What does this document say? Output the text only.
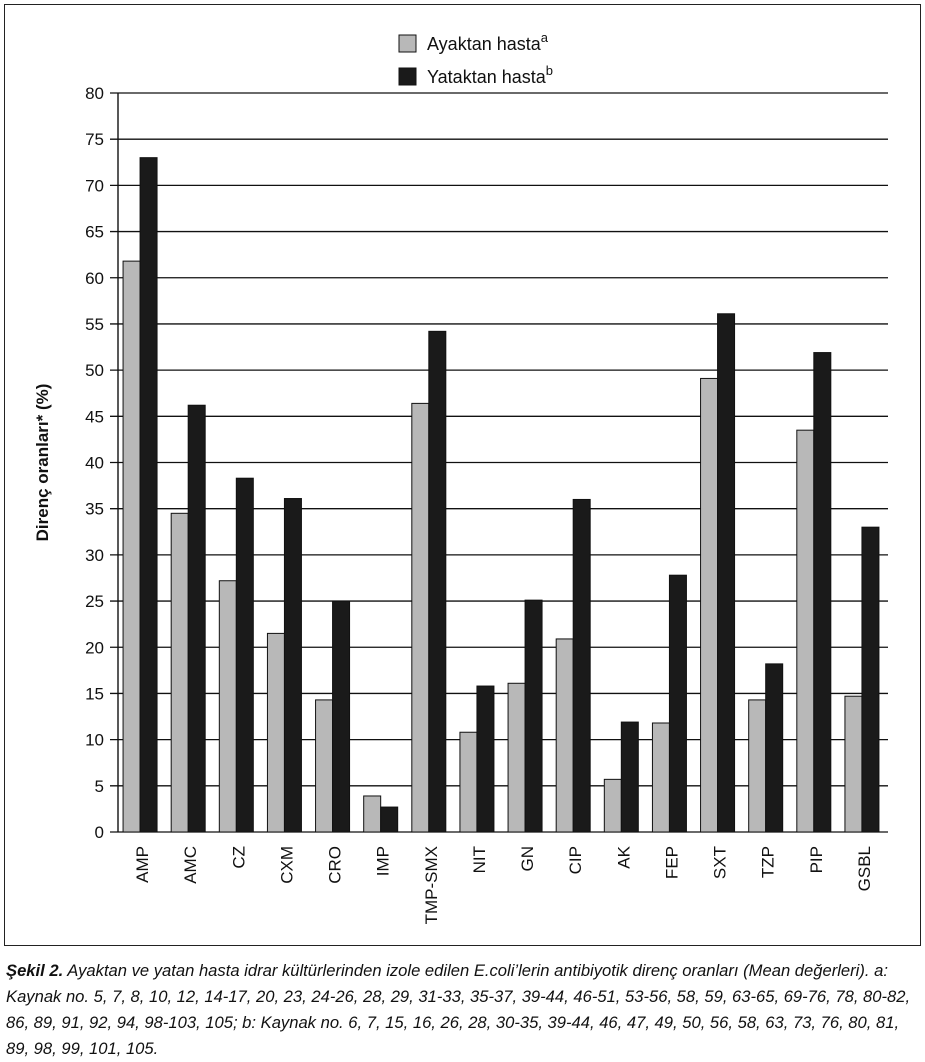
0
5
10
15
20
25
30
35
40
45
50
55
60
65
70
75
80
Direnç oranları* (%)
AMP AMC CZ CXM CRO IMP TMP-SMX NIT GN CIP AK FEP SXT TZP PIP GSBL
Ayaktan hasta$^a$
Yataktan hasta$^b$
Şekil 2. Ayaktan ve yatan hasta idrar kültürlerinden izole edilen E.coli’lerin antibiyotik direnç oranları (Mean değerleri). a: Kaynak no. 5, 7, 8, 10, 12, 14-17, 20, 23, 24-26, 28, 29, 31-33, 35-37, 39-44, 46-51, 53-56, 58, 59, 63-65, 69-76, 78, 80-82, 86, 89, 91, 92, 94, 98-103, 105; b: Kaynak no. 6, 7, 15, 16, 26, 28, 30-35, 39-44, 46, 47, 49, 50, 56, 58, 63, 73, 76, 80, 81, 89, 98, 99, 101, 105.
